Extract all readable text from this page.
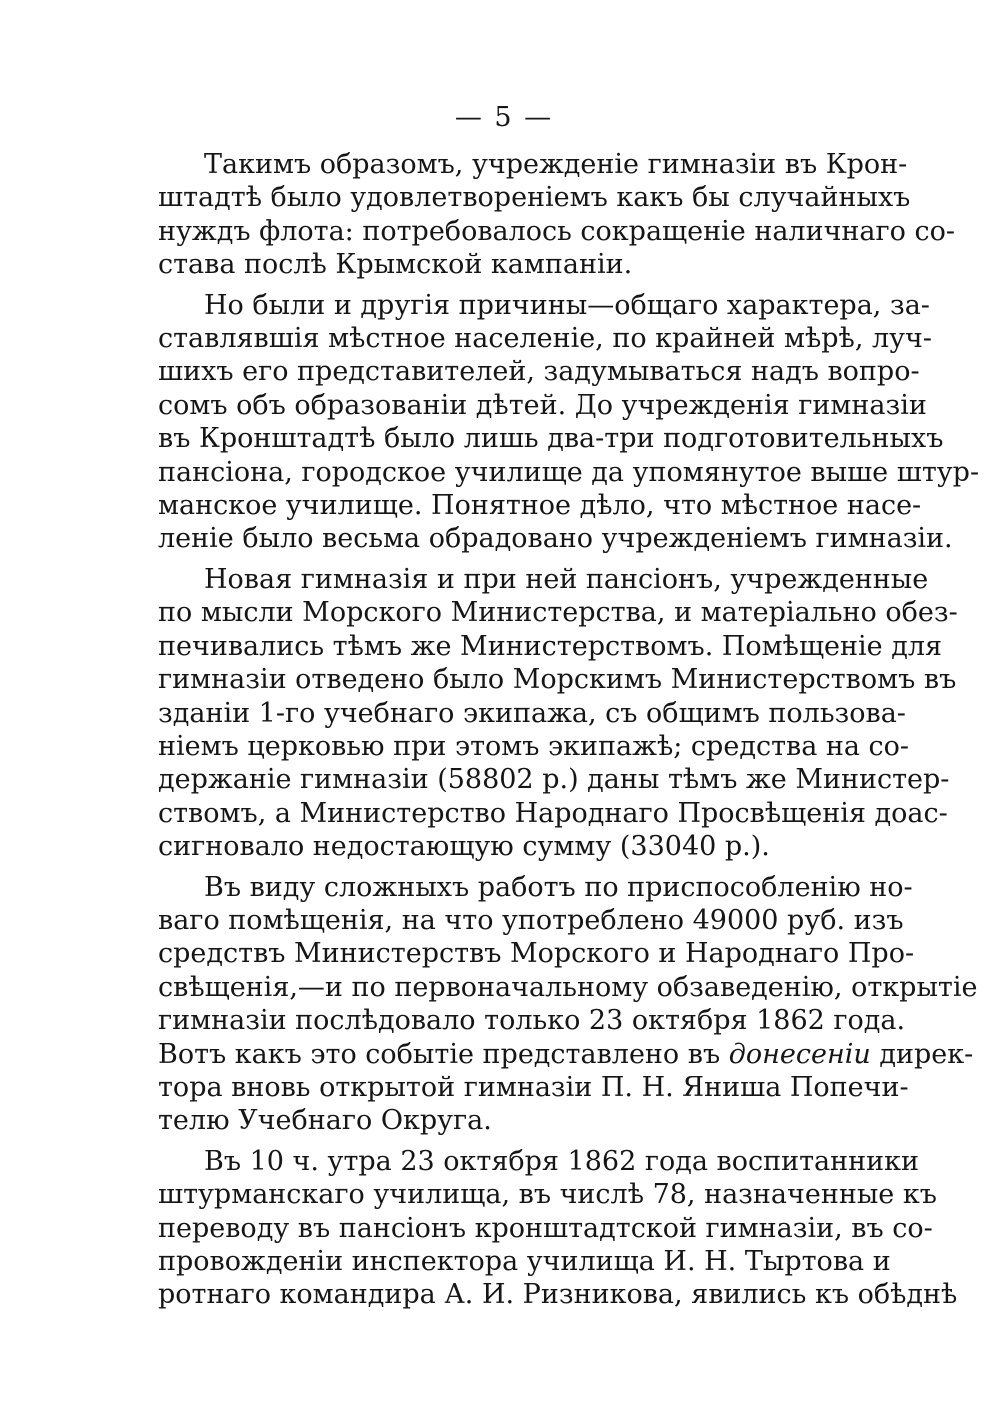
— 5 —

Такимъ образомъ, учрежденіе гимназіи въ Крон-
штадтѣ было удовлетвореніемъ какъ бы случайныхъ
нуждъ флота: потребовалось сокращеніе наличнаго со-
става послѣ Крымской кампаніи.

Но были и другія причины—общаго характера, за-
ставлявшія мѣстное населеніе, по крайней мѣрѣ, луч-
шихъ его представителей, задумываться надъ вопро-
сомъ объ образованіи дѣтей. До учрежденія гимназіи
въ Кронштадтѣ было лишь два-три подготовительныхъ
пансіона, городское училище да упомянутое выше штур-
манское училище. Понятное дѣло, что мѣстное насе-
леніе было весьма обрадовано учрежденіемъ гимназіи.

Новая гимназія и при ней пансіонъ, учрежденные
по мысли Морского Министерства, и матеріально обез-
печивались тѣмъ же Министерствомъ. Помѣщеніе для
гимназіи отведено было Морскимъ Министерствомъ въ
зданіи 1-го учебнаго экипажа, съ общимъ пользова-
ніемъ церковью при этомъ экипажѣ; средства на со-
держаніе гимназіи (58802 р.) даны тѣмъ же Министер-
ствомъ, а Министерство Народнаго Просвѣщенія доас-
сигновало недостающую сумму (33040 р.).

Въ виду сложныхъ работъ по приспособленію но-
ваго помѣщенія, на что употреблено 49000 руб. изъ
средствъ Министерствъ Морского и Народнаго Про-
свѣщенія,—и по первоначальному обзаведенію, открытіе
гимназіи послѣдовало только 23 октября 1862 года.
Вотъ какъ это событіе представлено въ донесеніи дирек-
тора вновь открытой гимназіи П. Н. Яниша Попечи-
телю Учебнаго Округа.

Въ 10 ч. утра 23 октября 1862 года воспитанники
штурманскаго училища, въ числѣ 78, назначенные къ
переводу въ пансіонъ кронштадтской гимназіи, въ со-
провожденіи инспектора училища И. Н. Тыртова и
ротнаго командира А. И. Ризникова, явились къ обѣднѣ
